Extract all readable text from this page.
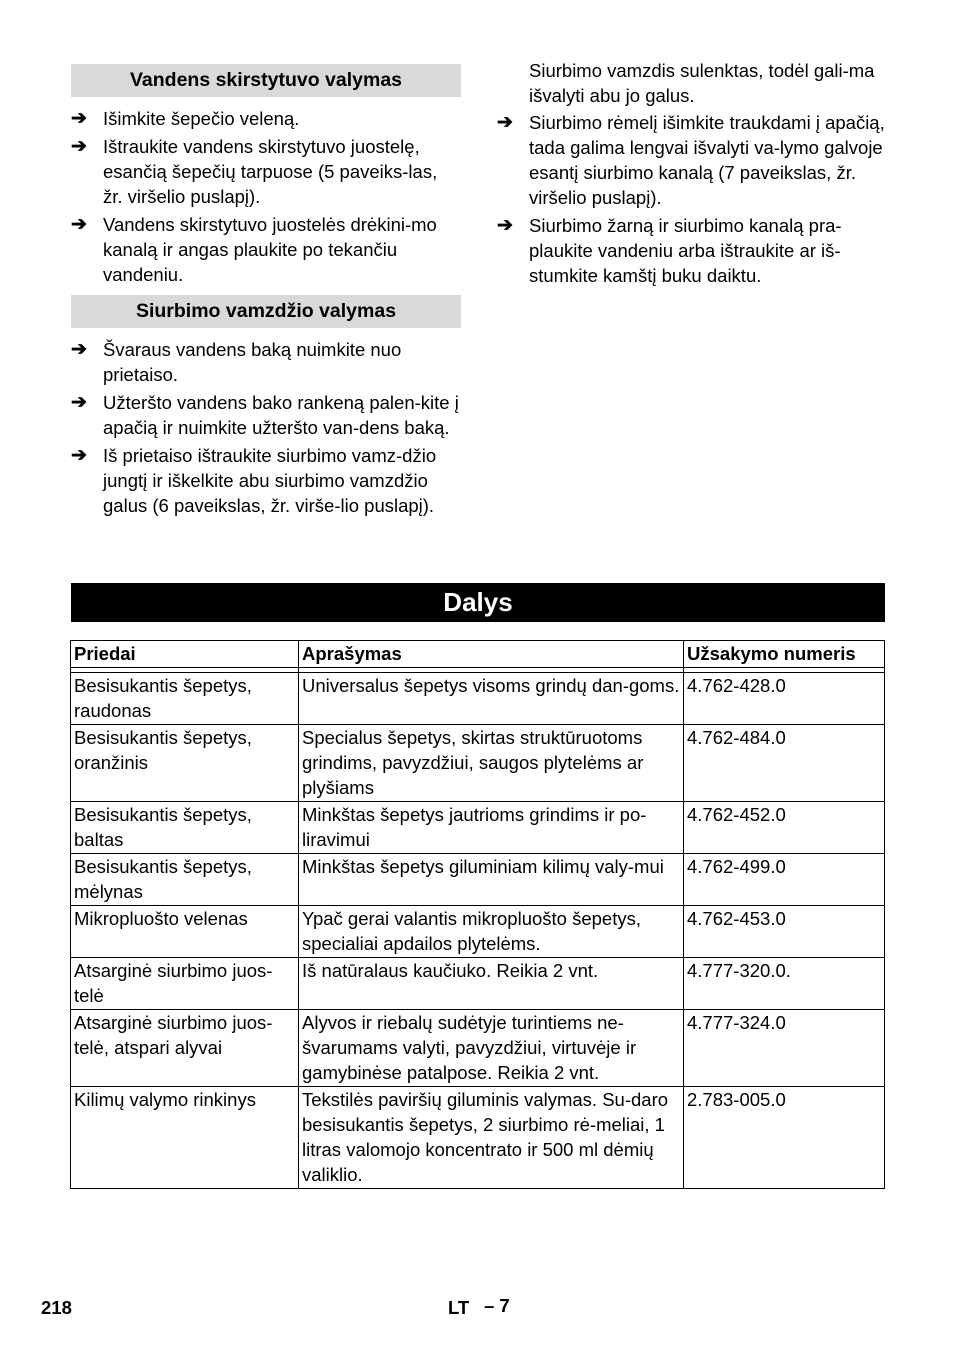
Vandens skirstytuvo valymas
➔ Išimkite šepečio veleną.
➔ Ištraukite vandens skirstytuvo juostelę, esančią šepečių tarpuose (5 paveiks-las, žr. viršelio puslapį).
➔ Vandens skirstytuvo juostelės drėkini-mo kanalą ir angas plaukite po tekančiu vandeniu.
Siurbimo vamzdžio valymas
➔ Švaraus vandens baką nuimkite nuo prietaiso.
➔ Užteršto vandens bako rankeną palen-kite į apačią ir nuimkite užteršto van-dens baką.
➔ Iš prietaiso ištraukite siurbimo vamz-džio jungtį ir iškelkite abu siurbimo vamzdžio galus (6 paveikslas, žr. virše-lio puslapį).
Siurbimo vamzdis sulenktas, todėl gali-ma išvalyti abu jo galus.
➔ Siurbimo rėmelį išimkite traukdami į apačią, tada galima lengvai išvalyti va-lymo galvoje esantį siurbimo kanalą (7 paveikslas, žr. viršelio puslapį).
➔ Siurbimo žarną ir siurbimo kanalą pra-plaukite vandeniu arba ištraukite ar iš-stumkite kamštį buku daiktu.
Dalys
Priedai	Aprašymas	Užsakymo numeris

Besisukantis šepetys, raudonas	Universalus šepetys visoms grindų dan-goms.	4.762-428.0
Besisukantis šepetys, oranžinis	Specialus šepetys, skirtas struktūruotoms grindims, pavyzdžiui, saugos plytelėms ar plyšiams	4.762-484.0
Besisukantis šepetys, baltas	Minkštas šepetys jautrioms grindims ir po-liravimui	4.762-452.0
Besisukantis šepetys, mėlynas	Minkštas šepetys giluminiam kilimų valy-mui	4.762-499.0
Mikropluošto velenas	Ypač gerai valantis mikropluošto šepetys, specialiai apdailos plytelėms.	4.762-453.0
Atsarginė siurbimo juos-telė	Iš natūralaus kaučiuko. Reikia 2 vnt.	4.777-320.0.
Atsarginė siurbimo juos-telė, atspari alyvai	Alyvos ir riebalų sudėtyje turintiems ne-švarumams valyti, pavyzdžiui, virtuvėje ir gamybinėse patalpose. Reikia 2 vnt.	4.777-324.0
Kilimų valymo rinkinys	Tekstilės paviršių giluminis valymas. Su-daro besisukantis šepetys, 2 siurbimo rė-meliai, 1 litras valomojo koncentrato ir 500 ml dėmių valiklio.	2.783-005.0
218	LT – 7
